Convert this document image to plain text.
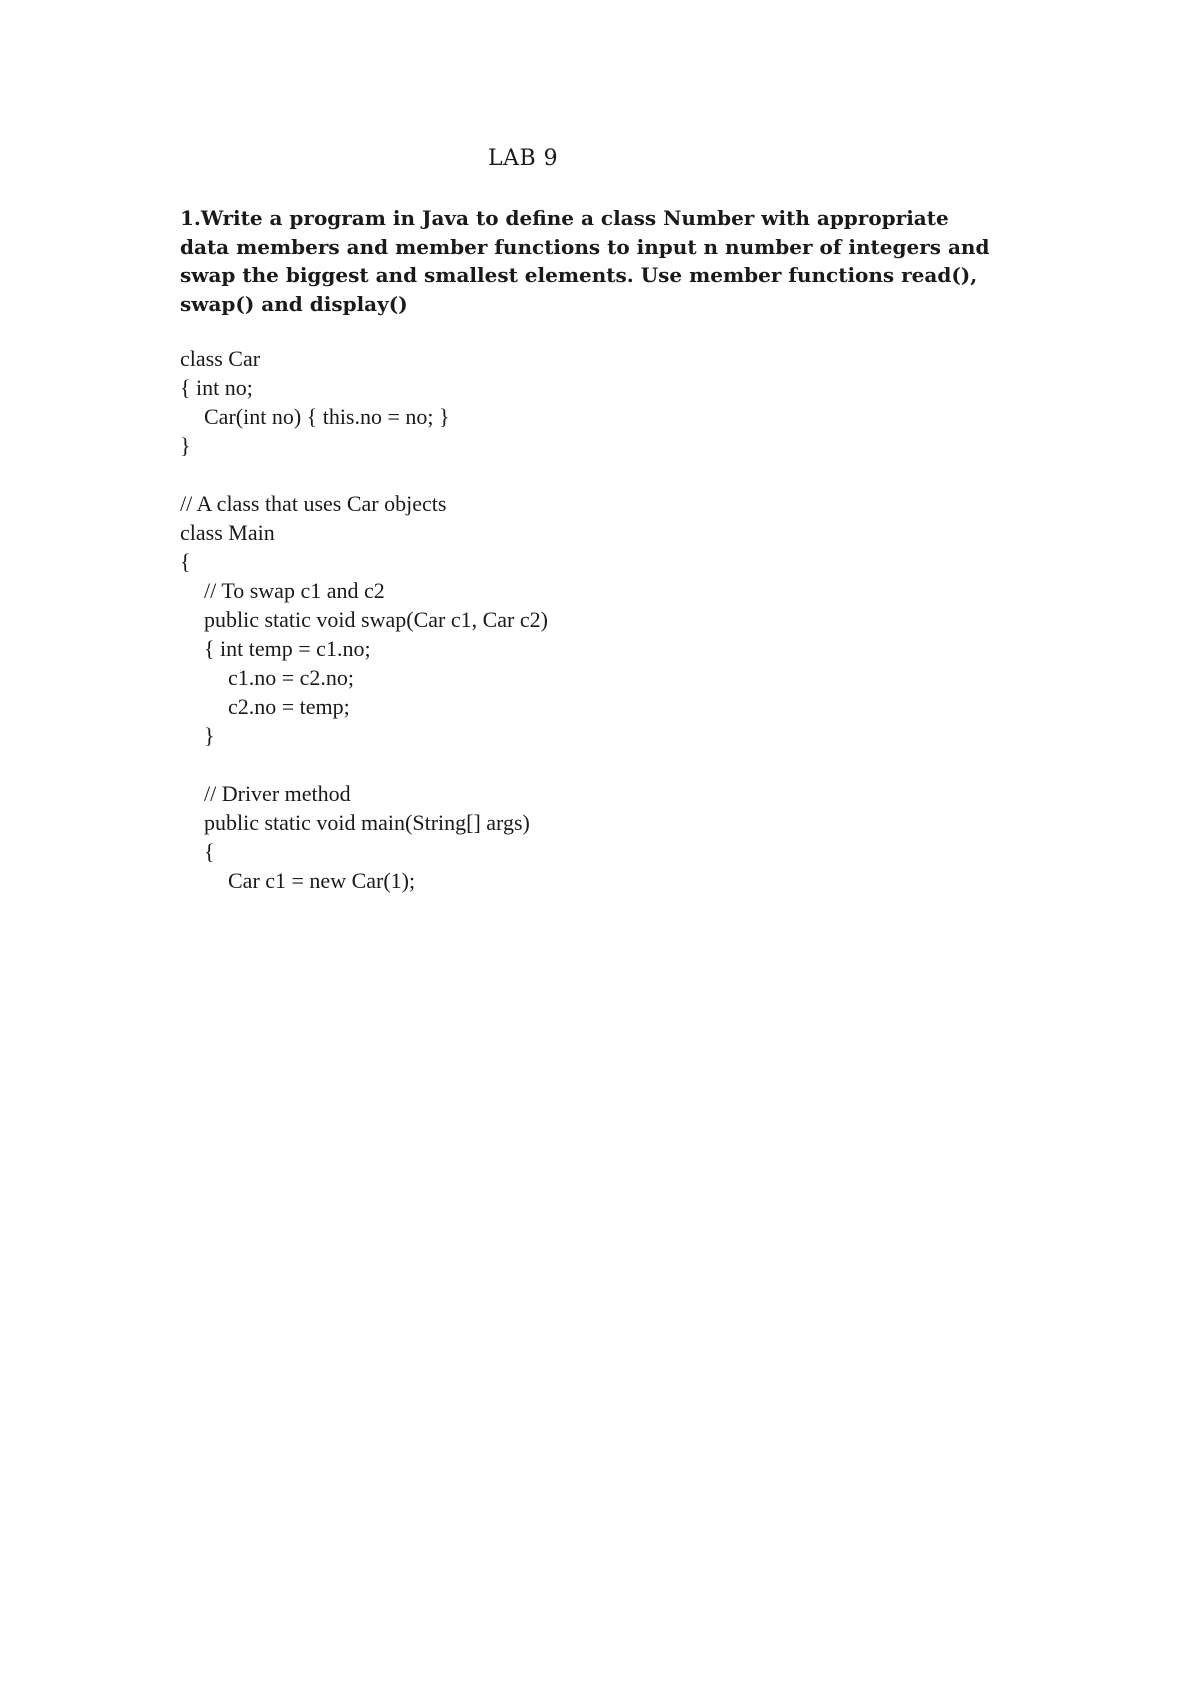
LAB 9

1.Write a program in Java to define a class Number with appropriate
data members and member functions to input n number of integers and
swap the biggest and smallest elements. Use member functions read(),
swap() and display()

class Car
{ int no;
Car(int no) { this.no = no; }
}
// A class that uses Car objects
class Main
{
// To swap c1 and c2
public static void swap(Car c1, Car c2)
{ int temp = c1.no;
c1.no = c2.no;
c2.no = temp;
}
// Driver method
public static void main(String[] args)
{
Car c1 = new Car(1);
